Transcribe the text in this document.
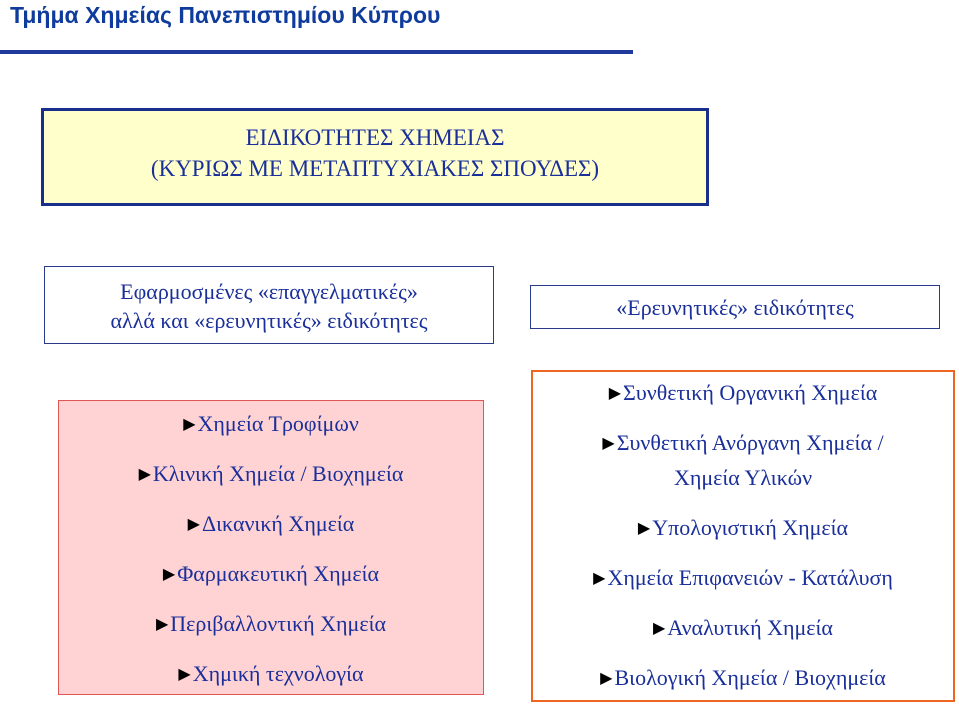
Τμήμα Χημείας Πανεπιστημίου Κύπρου
ΕΙΔΙΚΟΤΗΤΕΣ ΧΗΜΕΙΑΣ
(ΚΥΡΙΩΣ ΜΕ ΜΕΤΑΠΤΥΧΙΑΚΕΣ ΣΠΟΥΔΕΣ)
Εφαρμοσμένες «επαγγελματικές»
αλλά και «ερευνητικές» ειδικότητες
«Ερευνητικές» ειδικότητες
▶Χημεία Τροφίμων
▶Κλινική Χημεία / Βιοχημεία
▶Δικανική Χημεία
▶Φαρμακευτική Χημεία
▶Περιβαλλοντική Χημεία
▶Χημική τεχνολογία
▶Συνθετική Οργανική Χημεία
▶Συνθετική Ανόργανη Χημεία /
Χημεία Υλικών
▶Υπολογιστική Χημεία
▶Χημεία Επιφανειών - Κατάλυση
▶Αναλυτική Χημεία
▶Βιολογική Χημεία / Βιοχημεία
